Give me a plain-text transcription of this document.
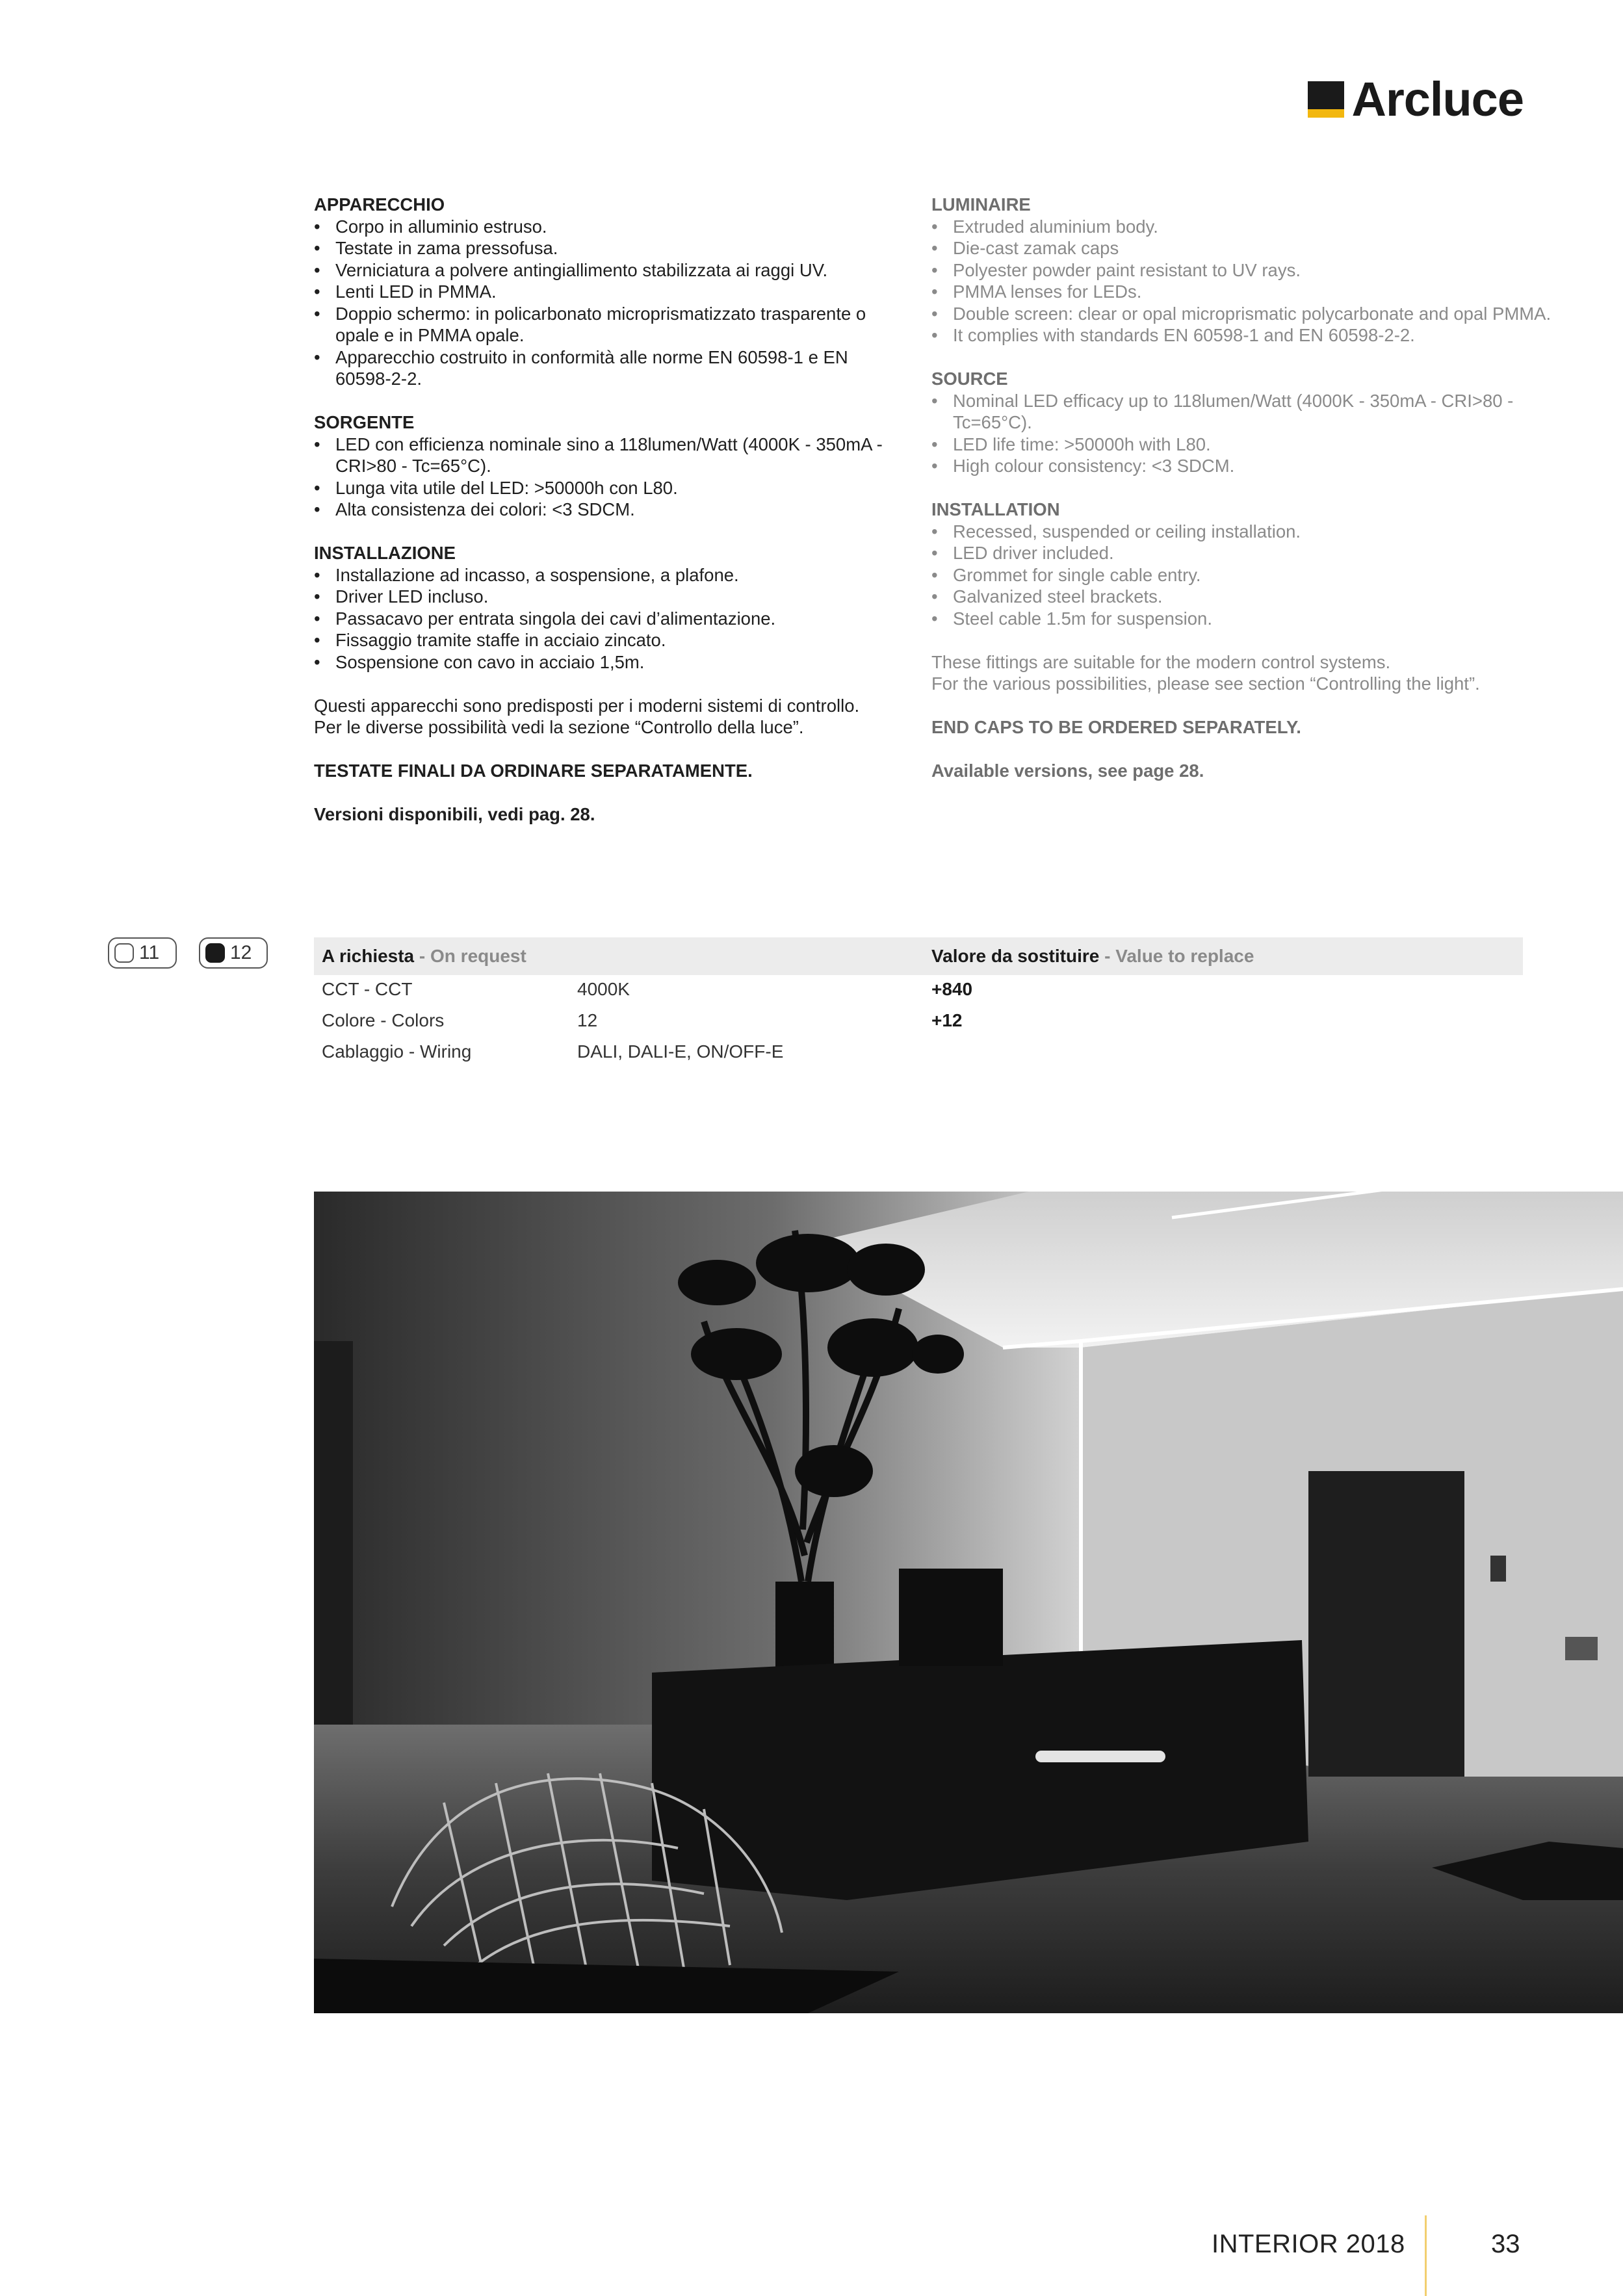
Arcluce
APPARECCHIO
• Corpo in alluminio estruso.
• Testate in zama pressofusa.
• Verniciatura a polvere antingiallimento stabilizzata ai raggi UV.
• Lenti LED in PMMA.
• Doppio schermo: in policarbonato microprismatizzato trasparente o opale e in PMMA opale.
• Apparecchio costruito in conformità alle norme EN 60598-1 e EN 60598-2-2.
SORGENTE
• LED con efficienza nominale sino a 118lumen/Watt (4000K - 350mA - CRI>80 - Tc=65°C).
• Lunga vita utile del LED: >50000h con L80.
• Alta consistenza dei colori: <3 SDCM.
INSTALLAZIONE
• Installazione ad incasso, a sospensione, a plafone.
• Driver LED incluso.
• Passacavo per entrata singola dei cavi d’alimentazione.
• Fissaggio tramite staffe in acciaio zincato.
• Sospensione con cavo in acciaio 1,5m.

Questi apparecchi sono predisposti per i moderni sistemi di controllo.

Per le diverse possibilità vedi la sezione “Controllo della luce”.

TESTATE FINALI DA ORDINARE SEPARATAMENTE.

Versioni disponibili, vedi pag. 28.

LUMINAIRE
• Extruded aluminium body.
• Die-cast zamak caps
• Polyester powder paint resistant to UV rays.
• PMMA lenses for LEDs.
• Double screen: clear or opal microprismatic polycarbonate and opal PMMA.
• It complies with standards EN 60598-1 and EN 60598-2-2.
SOURCE
• Nominal LED efficacy up to 118lumen/Watt (4000K - 350mA - CRI>80 - Tc=65°C).
• LED life time: >50000h with L80.
• High colour consistency: <3 SDCM.
INSTALLATION
• Recessed, suspended or ceiling installation.
• LED driver included.
• Grommet for single cable entry.
• Galvanized steel brackets.
• Steel cable 1.5m for suspension.

These fittings are suitable for the modern control systems.

For the various possibilities, please see section “Controlling the light”.

END CAPS TO BE ORDERED SEPARATELY.

Available versions, see page 28.

11	12	A richiesta - On request	Valore da sostituire - Value to replace
CCT - CCT	4000K	+840
Colore - Colors	12	+12
Cablaggio - Wiring	DALI, DALI-E, ON/OFF-E
INTERIOR 2018	33
